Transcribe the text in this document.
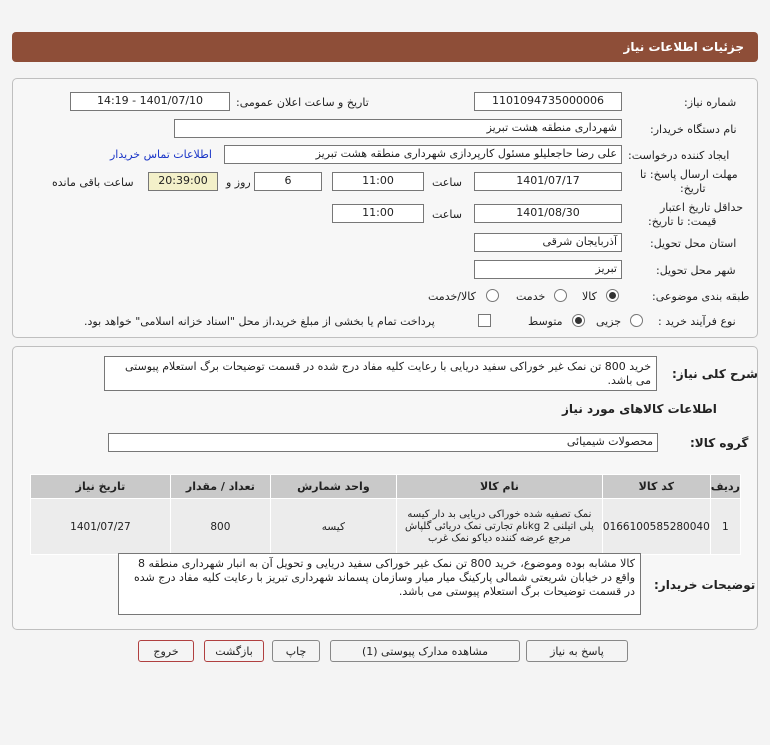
جزئیات اطلاعات نیاز
شماره نیاز:
1101094735000006
تاریخ و ساعت اعلان عمومی:
1401/07/10 - 14:19
نام دستگاه خریدار:
شهرداری منطقه هشت تبریز
ایجاد کننده درخواست:
علی رضا حاجعلیلو مسئول کارپردازی شهرداری منطقه هشت تبریز
اطلاعات تماس خریدار
مهلت ارسال پاسخ: تا
تاریخ:
1401/07/17
ساعت
11:00
6
روز و
20:39:00
ساعت باقی مانده
حداقل تاریخ اعتبار
قیمت: تا تاریخ:
1401/08/30
ساعت
11:00
استان محل تحویل:
آذربایجان شرقی
شهر محل تحویل:
تبریز
طبقه بندی موضوعی:
کالا
خدمت
کالا/خدمت
نوع فرآیند خرید :
جزیی
متوسط
پرداخت تمام یا بخشی از مبلغ خرید،از محل "اسناد خزانه اسلامی" خواهد بود.
شرح کلی نیاز:
خرید 800 تن نمک غیر خوراکی سفید دریایی با رعایت کلیه مفاد درج شده در قسمت توضیحات برگ استعلام پیوستی می باشد.
اطلاعات کالاهای مورد نیاز
گروه کالا:
محصولات شیمیائی
ردیف	کد کالا	نام کالا	واحد شمارش	تعداد / مقدار	تاریخ نیاز
1	0166100585280040	نمک تصفیه شده خوراکی دریایی بد دار کیسه پلی اتیلنی 2 kgنام تجارتی نمک دریائی گلپاش مرجع عرضه کننده دیاکو نمک غرب	کیسه	800	1401/07/27
توضیحات خریدار:
کالا مشابه بوده وموضوع، خرید 800 تن نمک غیر خوراکی سفید دریایی و تحویل آن به انبار شهرداری منطقه 8 واقع در خیابان شریعتی شمالی پارکینگ میار میار وسازمان پسماند شهرداری تبریز با رعایت کلیه مفاد درج شده در قسمت توضیحات برگ استعلام پیوستی می باشد.
پاسخ به نیاز
مشاهده مدارک پیوستی (1)
چاپ
بازگشت
خروج
